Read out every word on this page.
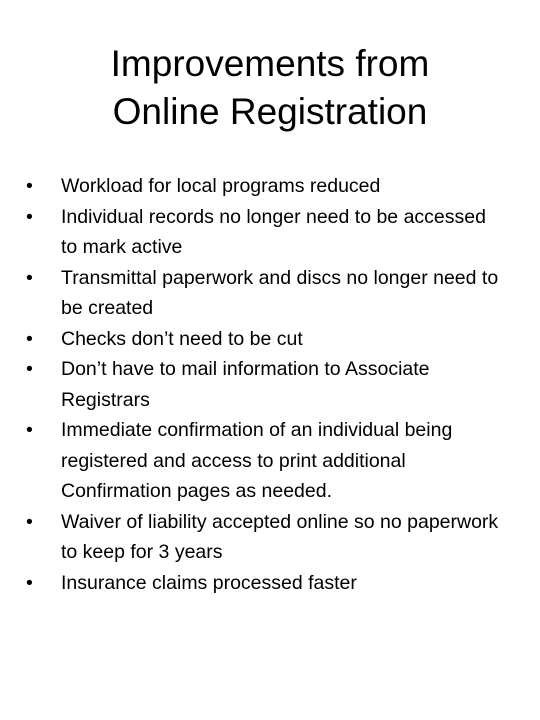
Improvements from
Online Registration
•	Workload for local programs reduced
•	Individual records no longer need to be accessed to mark active
•	Transmittal paperwork and discs no longer need to be created
•	Checks don’t need to be cut
•	Don’t have to mail information to Associate Registrars
•	Immediate confirmation of an individual being registered and access to print additional Confirmation pages as needed.
•	Waiver of liability accepted online so no paperwork to keep for 3 years
•	Insurance claims processed faster
